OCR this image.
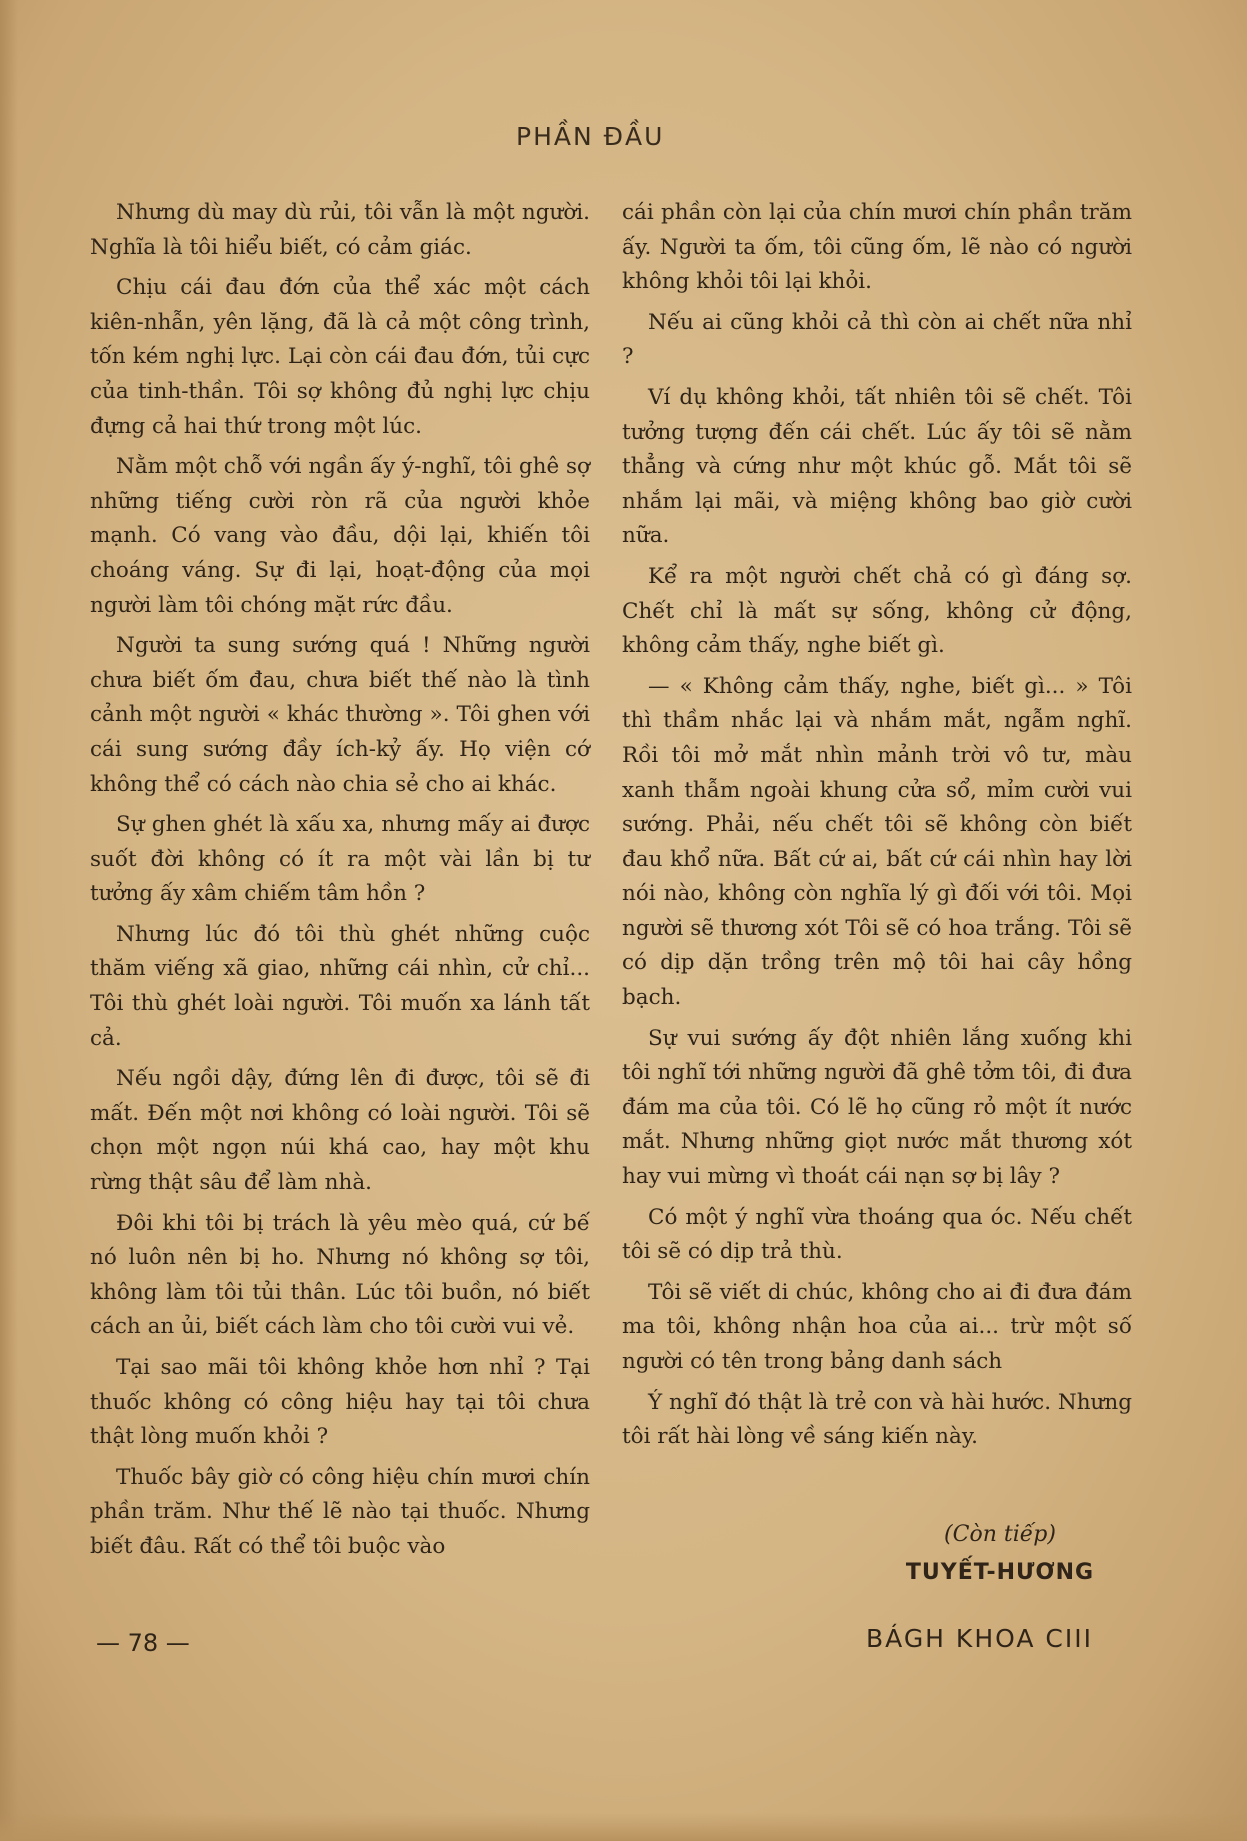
PHẦN ĐẦU

Nhưng dù may dù rủi, tôi vẫn là một người. Nghĩa là tôi hiểu biết, có cảm giác.

Chịu cái đau đớn của thể xác một cách kiên-nhẫn, yên lặng, đã là cả một công trình, tốn kém nghị lực. Lại còn cái đau đớn, tủi cực của tinh-thần. Tôi sợ không đủ nghị lực chịu đựng cả hai thứ trong một lúc.

Nằm một chỗ với ngần ấy ý-nghĩ, tôi ghê sợ những tiếng cười ròn rã của người khỏe mạnh. Có vang vào đầu, dội lại, khiến tôi choáng váng. Sự đi lại, hoạt-động của mọi người làm tôi chóng mặt rức đầu.

Người ta sung sướng quá ! Những người chưa biết ốm đau, chưa biết thế nào là tình cảnh một người « khác thường ». Tôi ghen với cái sung sướng đầy ích-kỷ ấy. Họ viện cớ không thể có cách nào chia sẻ cho ai khác.

Sự ghen ghét là xấu xa, nhưng mấy ai được suốt đời không có ít ra một vài lần bị tư tưởng ấy xâm chiếm tâm hồn ?

Nhưng lúc đó tôi thù ghét những cuộc thăm viếng xã giao, những cái nhìn, cử chỉ... Tôi thù ghét loài người. Tôi muốn xa lánh tất cả.

Nếu ngồi dậy, đứng lên đi được, tôi sẽ đi mất. Đến một nơi không có loài người. Tôi sẽ chọn một ngọn núi khá cao, hay một khu rừng thật sâu để làm nhà.

Đôi khi tôi bị trách là yêu mèo quá, cứ bế nó luôn nên bị ho. Nhưng nó không sợ tôi, không làm tôi tủi thân. Lúc tôi buồn, nó biết cách an ủi, biết cách làm cho tôi cười vui vẻ.

Tại sao mãi tôi không khỏe hơn nhỉ ? Tại thuốc không có công hiệu hay tại tôi chưa thật lòng muốn khỏi ?

Thuốc bây giờ có công hiệu chín mươi chín phần trăm. Như thế lẽ nào tại thuốc. Nhưng biết đâu. Rất có thể tôi buộc vào

cái phần còn lại của chín mươi chín phần trăm ấy. Người ta ốm, tôi cũng ốm, lẽ nào có người không khỏi tôi lại khỏi.

Nếu ai cũng khỏi cả thì còn ai chết nữa nhỉ ?

Ví dụ không khỏi, tất nhiên tôi sẽ chết. Tôi tưởng tượng đến cái chết. Lúc ấy tôi sẽ nằm thẳng và cứng như một khúc gỗ. Mắt tôi sẽ nhắm lại mãi, và miệng không bao giờ cười nữa.

Kể ra một người chết chả có gì đáng sợ. Chết chỉ là mất sự sống, không cử động, không cảm thấy, nghe biết gì.

— « Không cảm thấy, nghe, biết gì... » Tôi thì thầm nhắc lại và nhắm mắt, ngẫm nghĩ. Rồi tôi mở mắt nhìn mảnh trời vô tư, màu xanh thẫm ngoài khung cửa sổ, mỉm cười vui sướng. Phải, nếu chết tôi sẽ không còn biết đau khổ nữa. Bất cứ ai, bất cứ cái nhìn hay lời nói nào, không còn nghĩa lý gì đối với tôi. Mọi người sẽ thương xót Tôi sẽ có hoa trắng. Tôi sẽ có dịp dặn trồng trên mộ tôi hai cây hồng bạch.

Sự vui sướng ấy đột nhiên lắng xuống khi tôi nghĩ tới những người đã ghê tởm tôi, đi đưa đám ma của tôi. Có lẽ họ cũng rỏ một ít nước mắt. Nhưng những giọt nước mắt thương xót hay vui mừng vì thoát cái nạn sợ bị lây ?

Có một ý nghĩ vừa thoáng qua óc. Nếu chết tôi sẽ có dịp trả thù.

Tôi sẽ viết di chúc, không cho ai đi đưa đám ma tôi, không nhận hoa của ai... trừ một số người có tên trong bảng danh sách

Ý nghĩ đó thật là trẻ con và hài hước. Nhưng tôi rất hài lòng về sáng kiến này.

(Còn tiếp)
TUYẾT-HƯƠNG
— 78 —	BÁGH KHOA CIII
